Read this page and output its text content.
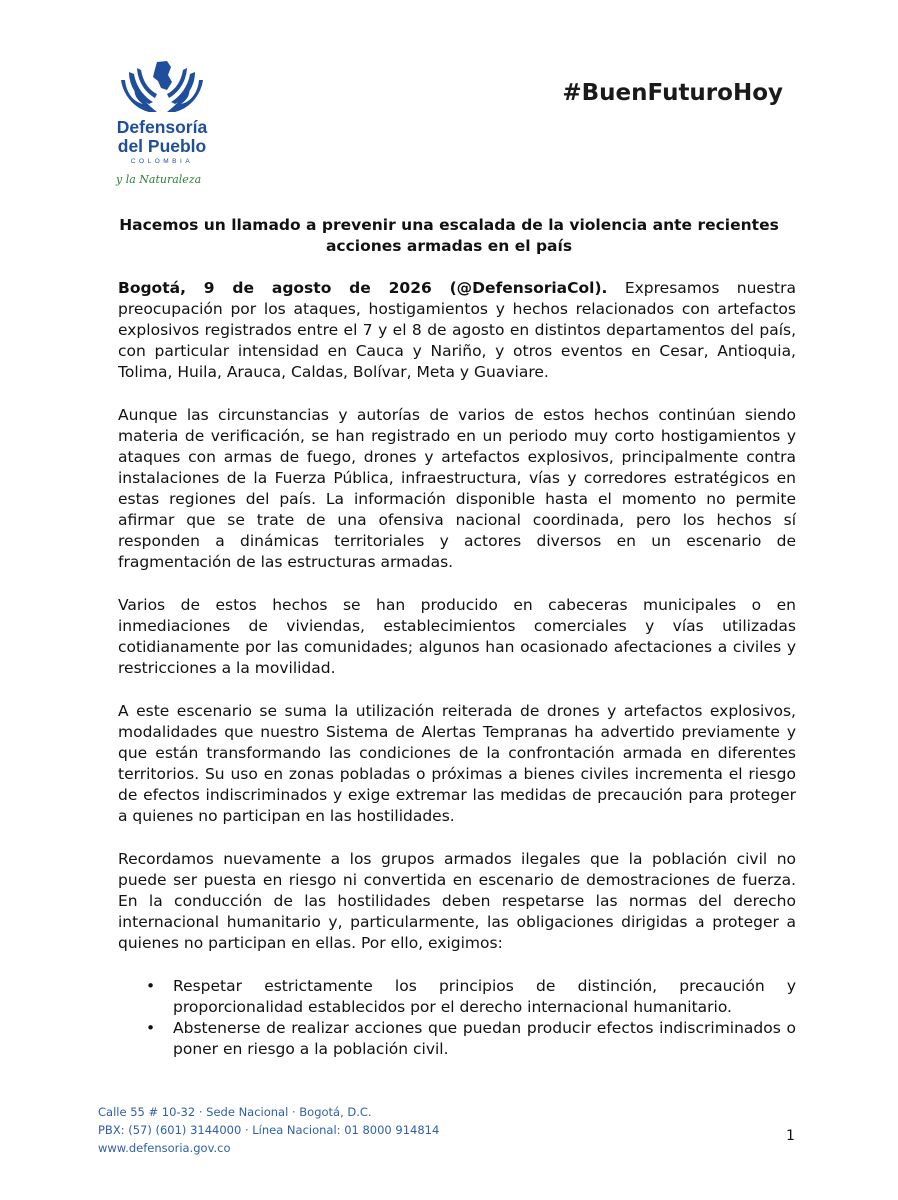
Defensoría
del Pueblo
COLOMBIA
y la Naturaleza
#BuenFuturoHoy
Hacemos un llamado a prevenir una escalada de la violencia ante recientes acciones armadas en el país

Bogotá, 9 de agosto de 2026 (@DefensoriaCol). Expresamos nuestra preocupación por los ataques, hostigamientos y hechos relacionados con artefactos explosivos registrados entre el 7 y el 8 de agosto en distintos departamentos del país, con particular intensidad en Cauca y Nariño, y otros eventos en Cesar, Antioquia, Tolima, Huila, Arauca, Caldas, Bolívar, Meta y Guaviare.

Aunque las circunstancias y autorías de varios de estos hechos continúan siendo materia de verificación, se han registrado en un periodo muy corto hostigamientos y ataques con armas de fuego, drones y artefactos explosivos, principalmente contra instalaciones de la Fuerza Pública, infraestructura, vías y corredores estratégicos en estas regiones del país. La información disponible hasta el momento no permite afirmar que se trate de una ofensiva nacional coordinada, pero los hechos sí responden a dinámicas territoriales y actores diversos en un escenario de fragmentación de las estructuras armadas.

Varios de estos hechos se han producido en cabeceras municipales o en inmediaciones de viviendas, establecimientos comerciales y vías utilizadas cotidianamente por las comunidades; algunos han ocasionado afectaciones a civiles y restricciones a la movilidad.

A este escenario se suma la utilización reiterada de drones y artefactos explosivos, modalidades que nuestro Sistema de Alertas Tempranas ha advertido previamente y que están transformando las condiciones de la confrontación armada en diferentes territorios. Su uso en zonas pobladas o próximas a bienes civiles incrementa el riesgo de efectos indiscriminados y exige extremar las medidas de precaución para proteger a quienes no participan en las hostilidades.

Recordamos nuevamente a los grupos armados ilegales que la población civil no puede ser puesta en riesgo ni convertida en escenario de demostraciones de fuerza. En la conducción de las hostilidades deben respetarse las normas del derecho internacional humanitario y, particularmente, las obligaciones dirigidas a proteger a quienes no participan en ellas. Por ello, exigimos:

• Respetar estrictamente los principios de distinción, precaución y proporcionalidad establecidos por el derecho internacional humanitario.
• Abstenerse de realizar acciones que puedan producir efectos indiscriminados o poner en riesgo a la población civil.
Calle 55 # 10-32 · Sede Nacional · Bogotá, D.C.
PBX: (57) (601) 3144000 · Línea Nacional: 01 8000 914814
www.defensoria.gov.co
1
